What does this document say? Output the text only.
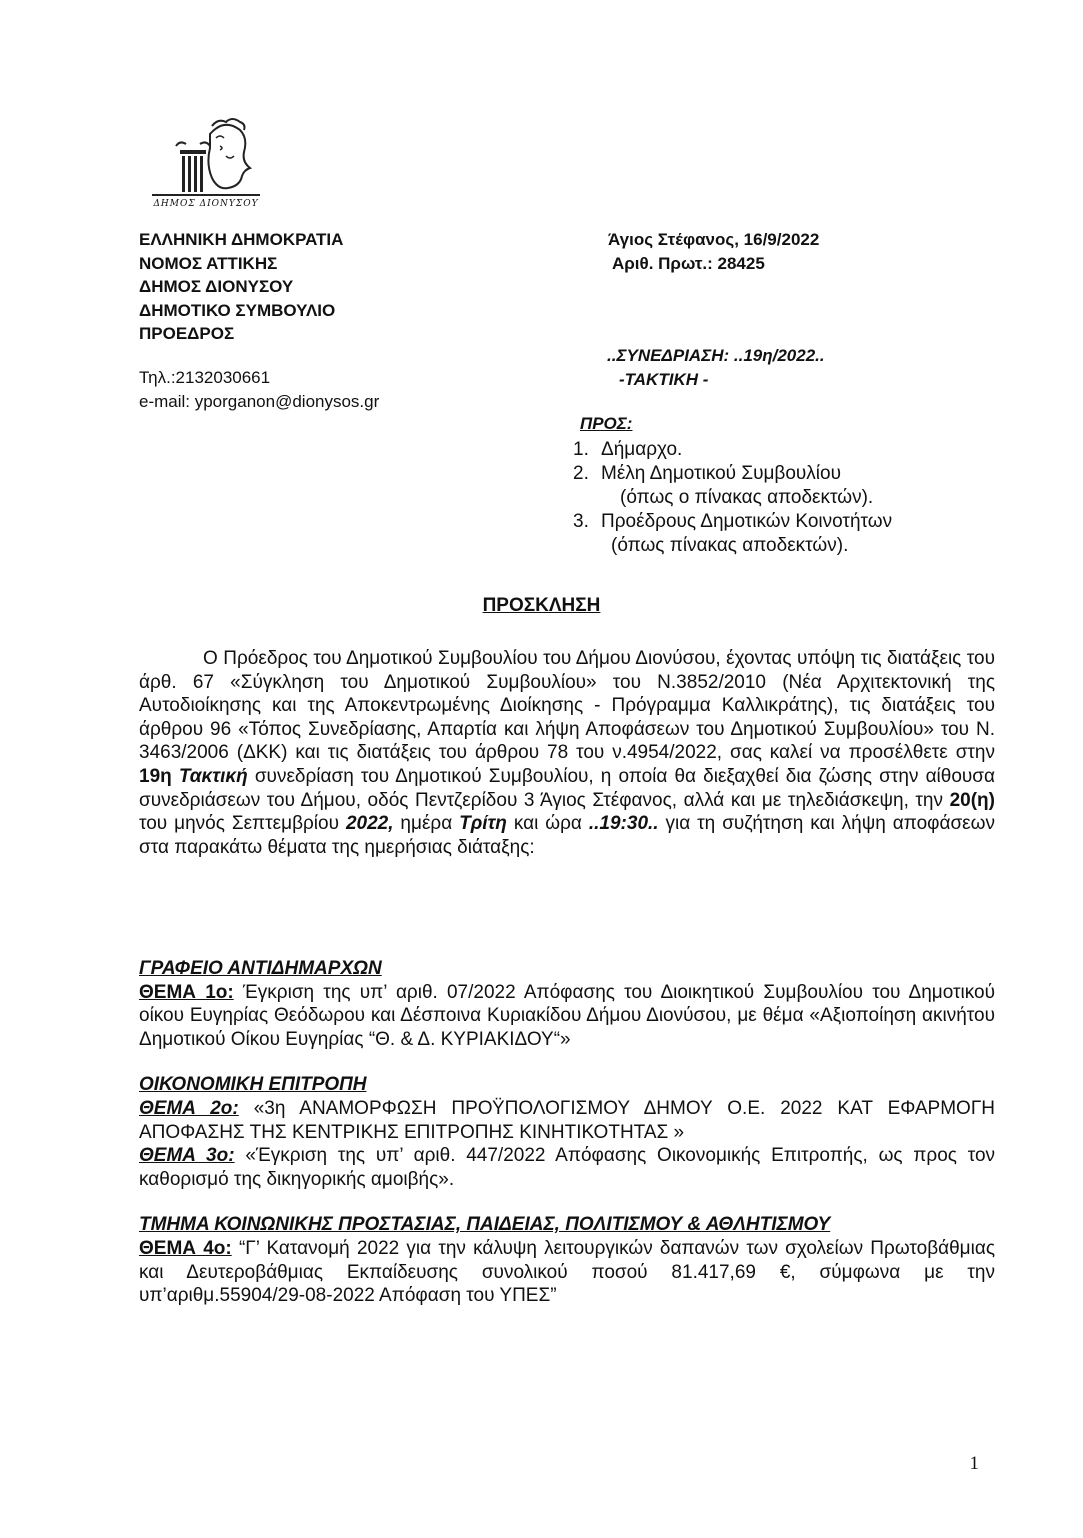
ΔΗΜΟΣ ΔΙΟΝΥΣΟΥ
ΕΛΛΗΝΙΚΗ ΔΗΜΟΚΡΑΤΙΑ
ΝΟΜΟΣ ΑΤΤΙΚΗΣ
ΔΗΜΟΣ ΔΙΟΝΥΣΟΥ
ΔΗΜΟΤΙΚΟ ΣΥΜΒΟΥΛΙΟ
ΠΡΟΕΔΡΟΣ
Τηλ.:2132030661
e-mail: yporganon@dionysos.gr
Άγιος Στέφανος, 16/9/2022
Αριθ. Πρωτ.: 28425
..ΣΥΝΕΔΡΙΑΣΗ: ..19η/2022..
-ΤΑΚΤΙΚΗ -
ΠΡΟΣ:
1. Δήμαρχο.
2. Μέλη Δημοτικού Συμβουλίου
(όπως ο πίνακας αποδεκτών).
3. Προέδρους Δημοτικών Κοινοτήτων
(όπως πίνακας αποδεκτών).
ΠΡΟΣΚΛΗΣΗ

Ο Πρόεδρος του Δημοτικού Συμβουλίου του Δήμου Διονύσου, έχοντας υπόψη τις διατάξεις του άρθ. 67 «Σύγκληση του Δημοτικού Συμβουλίου» του Ν.3852/2010 (Νέα Αρχιτεκτονική της Αυτοδιοίκησης και της Αποκεντρωμένης Διοίκησης - Πρόγραμμα Καλλικράτης), τις διατάξεις του άρθρου 96 «Τόπος Συνεδρίασης, Απαρτία και λήψη Αποφάσεων του Δημοτικού Συμβουλίου» του Ν. 3463/2006 (ΔΚΚ) και τις διατάξεις του άρθρου 78 του ν.4954/2022, σας καλεί να προσέλθετε στην 19η Τακτική συνεδρίαση του Δημοτικού Συμβουλίου, η οποία θα διεξαχθεί δια ζώσης στην αίθουσα συνεδριάσεων του Δήμου, οδός Πεντζερίδου 3 Άγιος Στέφανος, αλλά και με τηλεδιάσκεψη, την 20(η) του μηνός Σεπτεμβρίου 2022, ημέρα Τρίτη και ώρα ..19:30.. για τη συζήτηση και λήψη αποφάσεων στα παρακάτω θέματα της ημερήσιας διάταξης:

ΓΡΑΦΕΙΟ ΑΝΤΙΔΗΜΑΡΧΩΝ

ΘΕΜΑ 1ο: Έγκριση της υπ’ αριθ. 07/2022 Απόφασης του Διοικητικού Συμβουλίου του Δημοτικού οίκου Ευγηρίας Θεόδωρου και Δέσποινα Κυριακίδου Δήμου Διονύσου, με θέμα «Αξιοποίηση ακινήτου Δημοτικού Οίκου Ευγηρίας “Θ. & Δ. ΚΥΡΙΑΚΙΔΟΥ“»

ΟΙΚΟΝΟΜΙΚΗ ΕΠΙΤΡΟΠΗ

ΘΕΜΑ 2ο: «3η ΑΝΑΜΟΡΦΩΣΗ ΠΡΟΫΠΟΛΟΓΙΣΜΟΥ ΔΗΜΟΥ Ο.Ε. 2022 ΚΑΤ ΕΦΑΡΜΟΓΗ ΑΠΟΦΑΣΗΣ ΤΗΣ ΚΕΝΤΡΙΚΗΣ ΕΠΙΤΡΟΠΗΣ ΚΙΝΗΤΙΚΟΤΗΤΑΣ »

ΘΕΜΑ 3ο: «Έγκριση της υπ’ αριθ. 447/2022 Απόφασης Οικονομικής Επιτροπής, ως προς τον καθορισμό της δικηγορικής αμοιβής».

ΤΜΗΜΑ ΚΟΙΝΩΝΙΚΗΣ ΠΡΟΣΤΑΣΙΑΣ, ΠΑΙΔΕΙΑΣ, ΠΟΛΙΤΙΣΜΟΥ & ΑΘΛΗΤΙΣΜΟΥ

ΘΕΜΑ 4ο: “Γ’ Κατανομή 2022 για την κάλυψη λειτουργικών δαπανών των σχολείων Πρωτοβάθμιας και Δευτεροβάθμιας Εκπαίδευσης συνολικού ποσού 81.417,69 €, σύμφωνα με την υπ’αριθμ.55904/29-08-2022 Απόφαση του ΥΠΕΣ”

1
